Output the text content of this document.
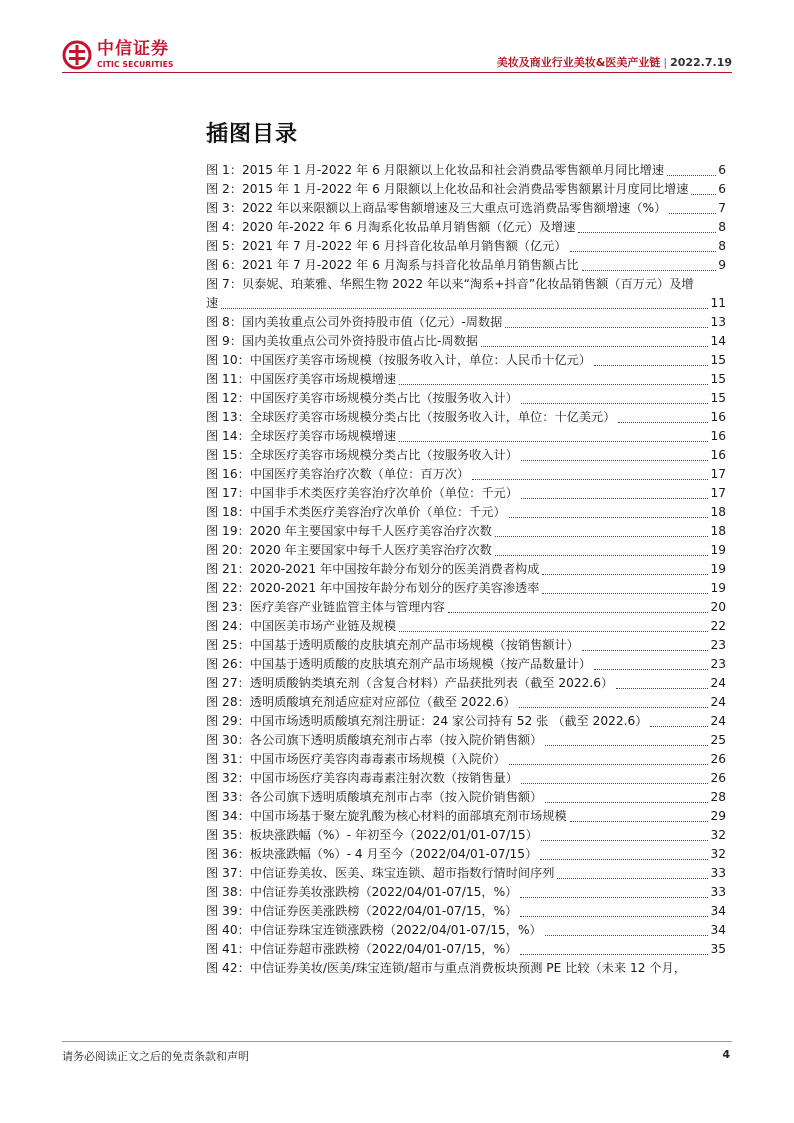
中信证券
CITIC SECURITIES	美妆及商业行业美妆&医美产业链 | 2022.7.19
插图目录
图 1：2015 年 1 月-2022 年 6 月限额以上化妆品和社会消费品零售额单月同比增速	6
图 2：2015 年 1 月-2022 年 6 月限额以上化妆品和社会消费品零售额累计月度同比增速 6
图 3：2022 年以来限额以上商品零售额增速及三大重点可选消费品零售额增速（%）	7
图 4：2020 年-2022 年 6 月淘系化妆品单月销售额（亿元）及增速	8
图 5：2021 年 7 月-2022 年 6 月抖音化妆品单月销售额（亿元）	8
图 6：2021 年 7 月-2022 年 6 月淘系与抖音化妆品单月销售额占比	9
图 7：贝泰妮、珀莱雅、华熙生物 2022 年以来“淘系+抖音”化妆品销售额（百万元）及增
速	11
图 8：国内美妆重点公司外资持股市值（亿元）-周数据	13
图 9：国内美妆重点公司外资持股市值占比-周数据	14
图 10：中国医疗美容市场规模（按服务收入计，单位：人民币十亿元）	15
图 11：中国医疗美容市场规模增速	15
图 12：中国医疗美容市场规模分类占比（按服务收入计）	15
图 13：全球医疗美容市场规模分类占比（按服务收入计，单位：十亿美元）	16
图 14：全球医疗美容市场规模增速	16
图 15：全球医疗美容市场规模分类占比（按服务收入计）	16
图 16：中国医疗美容治疗次数（单位：百万次）	17
图 17：中国非手术类医疗美容治疗次单价（单位：千元）	17
图 18：中国手术类医疗美容治疗次单价（单位：千元）	18
图 19：2020 年主要国家中每千人医疗美容治疗次数	18
图 20：2020 年主要国家中每千人医疗美容治疗次数	19
图 21：2020-2021 年中国按年龄分布划分的医美消费者构成	19
图 22：2020-2021 年中国按年龄分布划分的医疗美容渗透率	19
图 23：医疗美容产业链监管主体与管理内容	20
图 24：中国医美市场产业链及规模	22
图 25：中国基于透明质酸的皮肤填充剂产品市场规模（按销售额计）	23
图 26：中国基于透明质酸的皮肤填充剂产品市场规模（按产品数量计）	23
图 27：透明质酸钠类填充剂（含复合材料）产品获批列表（截至 2022.6）	24
图 28：透明质酸填充剂适应症对应部位（截至 2022.6）	24
图 29：中国市场透明质酸填充剂注册证：24 家公司持有 52 张 （截至 2022.6）	24
图 30：各公司旗下透明质酸填充剂市占率（按入院价销售额）	25
图 31：中国市场医疗美容肉毒毒素市场规模（入院价）	26
图 32：中国市场医疗美容肉毒毒素注射次数（按销售量）	26
图 33：各公司旗下透明质酸填充剂市占率（按入院价销售额）	28
图 34：中国市场基于聚左旋乳酸为核心材料的面部填充剂市场规模	29
图 35：板块涨跌幅（%）- 年初至今（2022/01/01-07/15）	32
图 36：板块涨跌幅（%）- 4 月至今（2022/04/01-07/15）	32
图 37：中信证券美妆、医美、珠宝连锁、超市指数行情时间序列	33
图 38：中信证券美妆涨跌榜（2022/04/01-07/15，%）	33
图 39：中信证券医美涨跌榜（2022/04/01-07/15，%）	34
图 40：中信证券珠宝连锁涨跌榜（2022/04/01-07/15，%）	34
图 41：中信证券超市涨跌榜（2022/04/01-07/15，%）	35
图 42：中信证券美妆/医美/珠宝连锁/超市与重点消费板块预测 PE 比较（未来 12 个月，
请务必阅读正文之后的免责条款和声明	4
